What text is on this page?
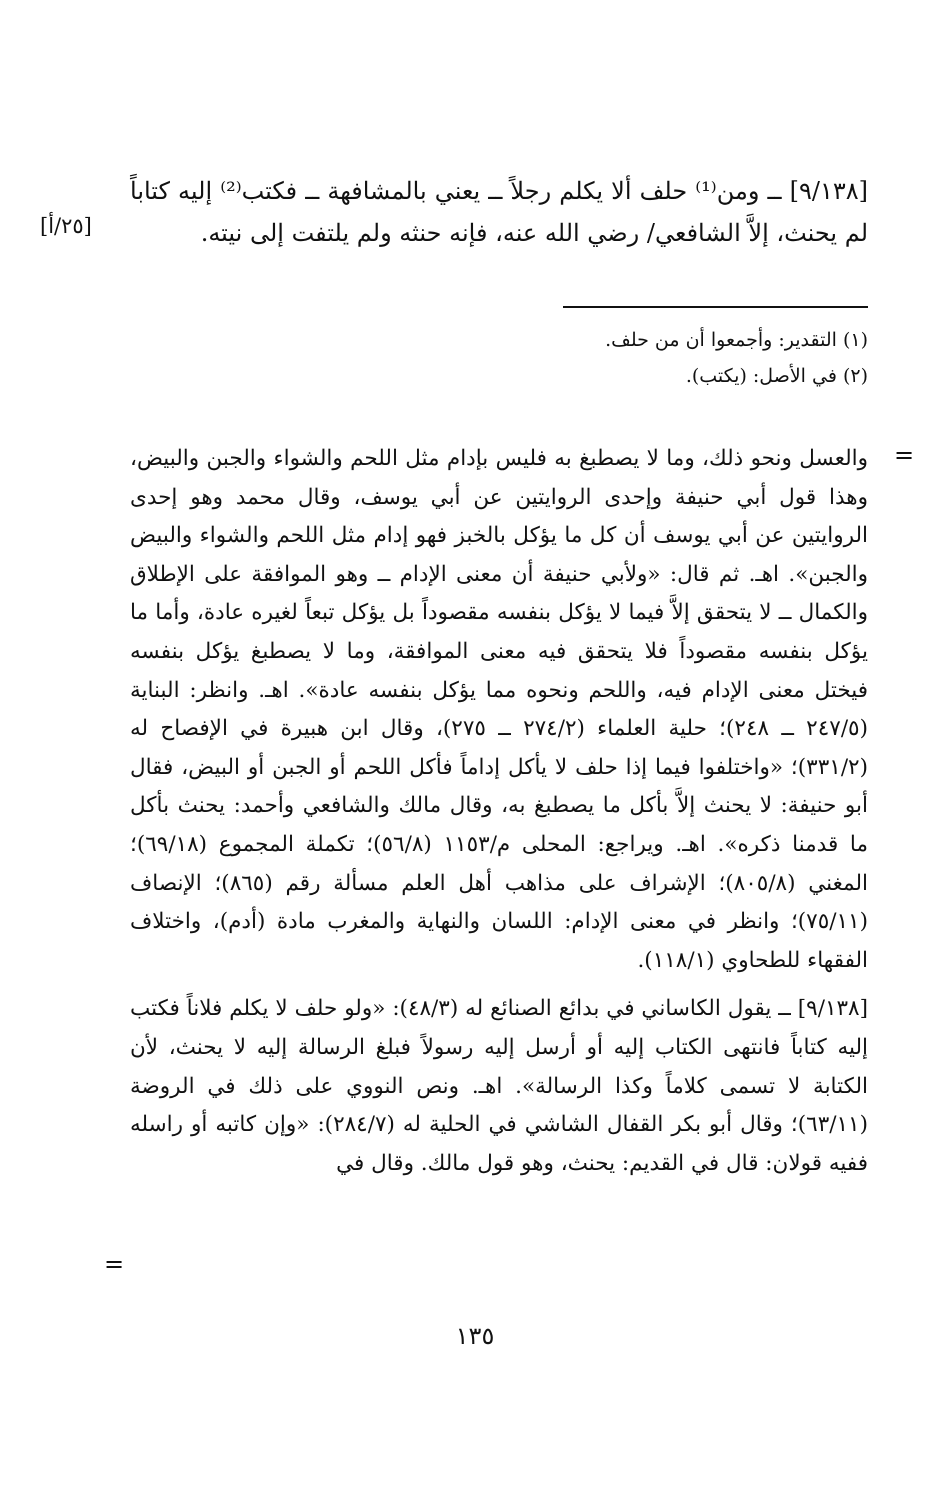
[٩/١٣٨] ــ ومن⁽¹⁾ حلف ألا يكلم رجلاً ــ يعني بالمشافهة ــ فكتب⁽²⁾ إليه كتاباً لم يحنث، إلاَّ الشافعي/ رضي الله عنه، فإنه حنثه ولم يلتفت إلى نيته.

[٢٥/أ]

(١) التقدير: وأجمعوا أن من حلف.

(٢) في الأصل: (يكتب).

=

والعسل ونحو ذلك، وما لا يصطبغ به فليس بإدام مثل اللحم والشواء والجبن والبيض، وهذا قول أبي حنيفة وإحدى الروايتين عن أبي يوسف، وقال محمد وهو إحدى الروايتين عن أبي يوسف أن كل ما يؤكل بالخبز فهو إدام مثل اللحم والشواء والبيض والجبن». اهـ. ثم قال: «ولأبي حنيفة أن معنى الإدام ــ وهو الموافقة على الإطلاق والكمال ــ لا يتحقق إلاَّ فيما لا يؤكل بنفسه مقصوداً بل يؤكل تبعاً لغيره عادة، وأما ما يؤكل بنفسه مقصوداً فلا يتحقق فيه معنى الموافقة، وما لا يصطبغ يؤكل بنفسه فيختل معنى الإدام فيه، واللحم ونحوه مما يؤكل بنفسه عادة». اهـ. وانظر: البناية (٢٤٧/٥ ــ ٢٤٨)؛ حلية العلماء (٢٧٤/٢ ــ ٢٧٥)، وقال ابن هبيرة في الإفصاح له (٣٣١/٢)؛ «واختلفوا فيما إذا حلف لا يأكل إداماً فأكل اللحم أو الجبن أو البيض، فقال أبو حنيفة: لا يحنث إلاَّ بأكل ما يصطبغ به، وقال مالك والشافعي وأحمد: يحنث بأكل ما قدمنا ذكره». اهـ. ويراجع: المحلى م/١١٥٣ (٥٦/٨)؛ تكملة المجموع (٦٩/١٨)؛ المغني (٨٠٥/٨)؛ الإشراف على مذاهب أهل العلم مسألة رقم (٨٦٥)؛ الإنصاف (٧٥/١١)؛ وانظر في معنى الإدام: اللسان والنهاية والمغرب مادة (أدم)، واختلاف الفقهاء للطحاوي (١١٨/١).

[٩/١٣٨] ــ يقول الكاساني في بدائع الصنائع له (٤٨/٣): «ولو حلف لا يكلم فلاناً فكتب إليه كتاباً فانتهى الكتاب إليه أو أرسل إليه رسولاً فبلغ الرسالة إليه لا يحنث، لأن الكتابة لا تسمى كلاماً وكذا الرسالة». اهـ. ونص النووي على ذلك في الروضة (٦٣/١١)؛ وقال أبو بكر القفال الشاشي في الحلية له (٢٨٤/٧): «وإن كاتبه أو راسله ففيه قولان: قال في القديم: يحنث، وهو قول مالك. وقال في

=
١٣٥
